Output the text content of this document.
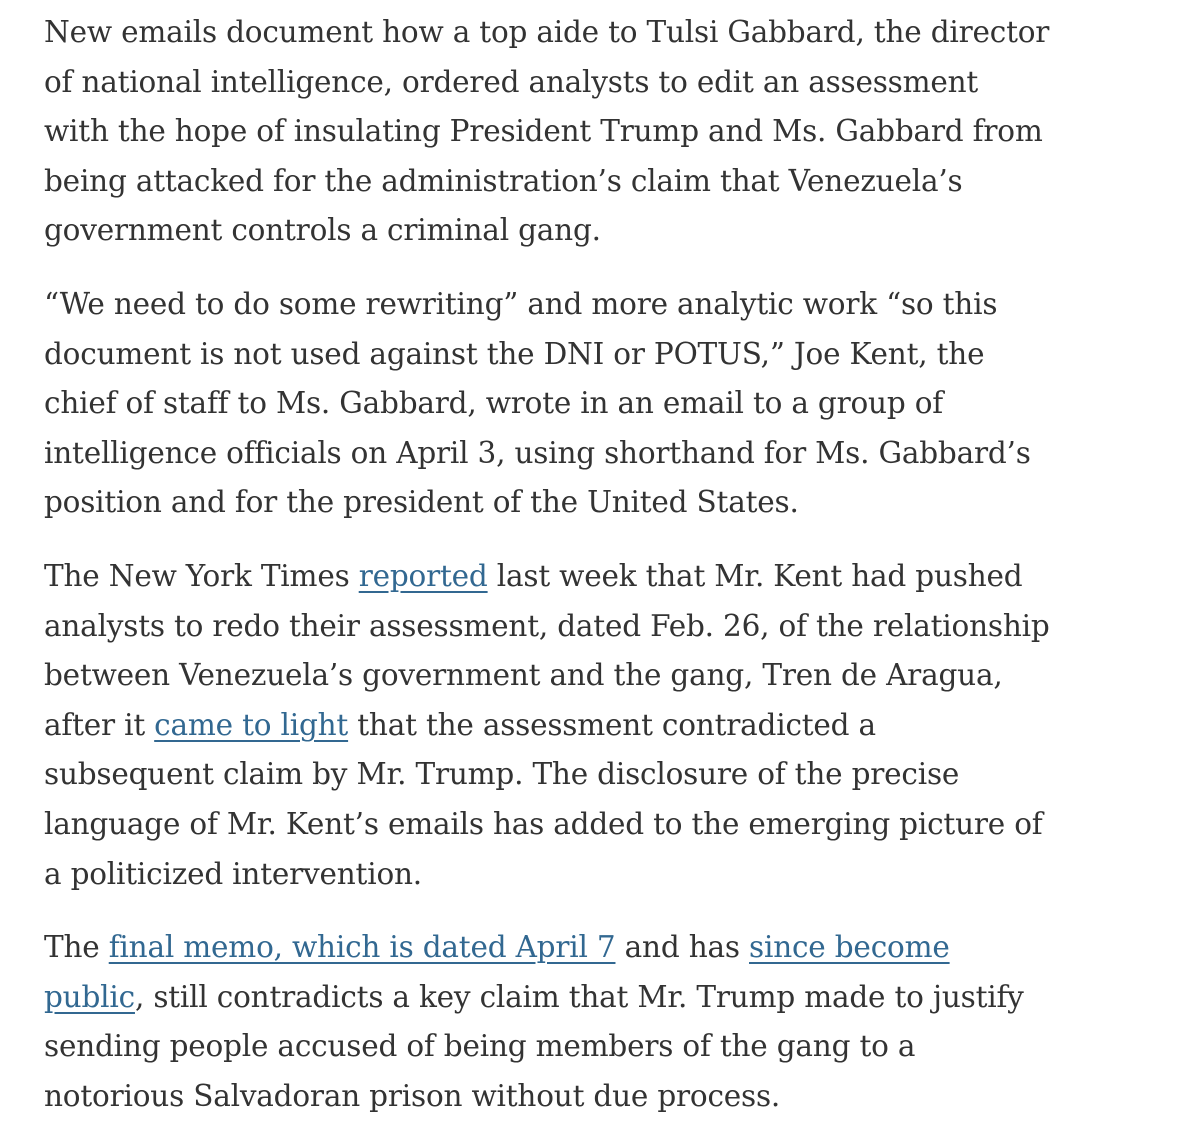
New emails document how a top aide to Tulsi Gabbard, the director
of national intelligence, ordered analysts to edit an assessment
with the hope of insulating President Trump and Ms. Gabbard from
being attacked for the administration’s claim that Venezuela’s
government controls a criminal gang.

“We need to do some rewriting” and more analytic work “so this
document is not used against the DNI or POTUS,” Joe Kent, the
chief of staff to Ms. Gabbard, wrote in an email to a group of
intelligence officials on April 3, using shorthand for Ms. Gabbard’s
position and for the president of the United States.

The New York Times reported last week that Mr. Kent had pushed
analysts to redo their assessment, dated Feb. 26, of the relationship
between Venezuela’s government and the gang, Tren de Aragua,
after it came to light that the assessment contradicted a
subsequent claim by Mr. Trump. The disclosure of the precise
language of Mr. Kent’s emails has added to the emerging picture of
a politicized intervention.

The final memo, which is dated April 7 and has since become
public, still contradicts a key claim that Mr. Trump made to justify
sending people accused of being members of the gang to a
notorious Salvadoran prison without due process.
